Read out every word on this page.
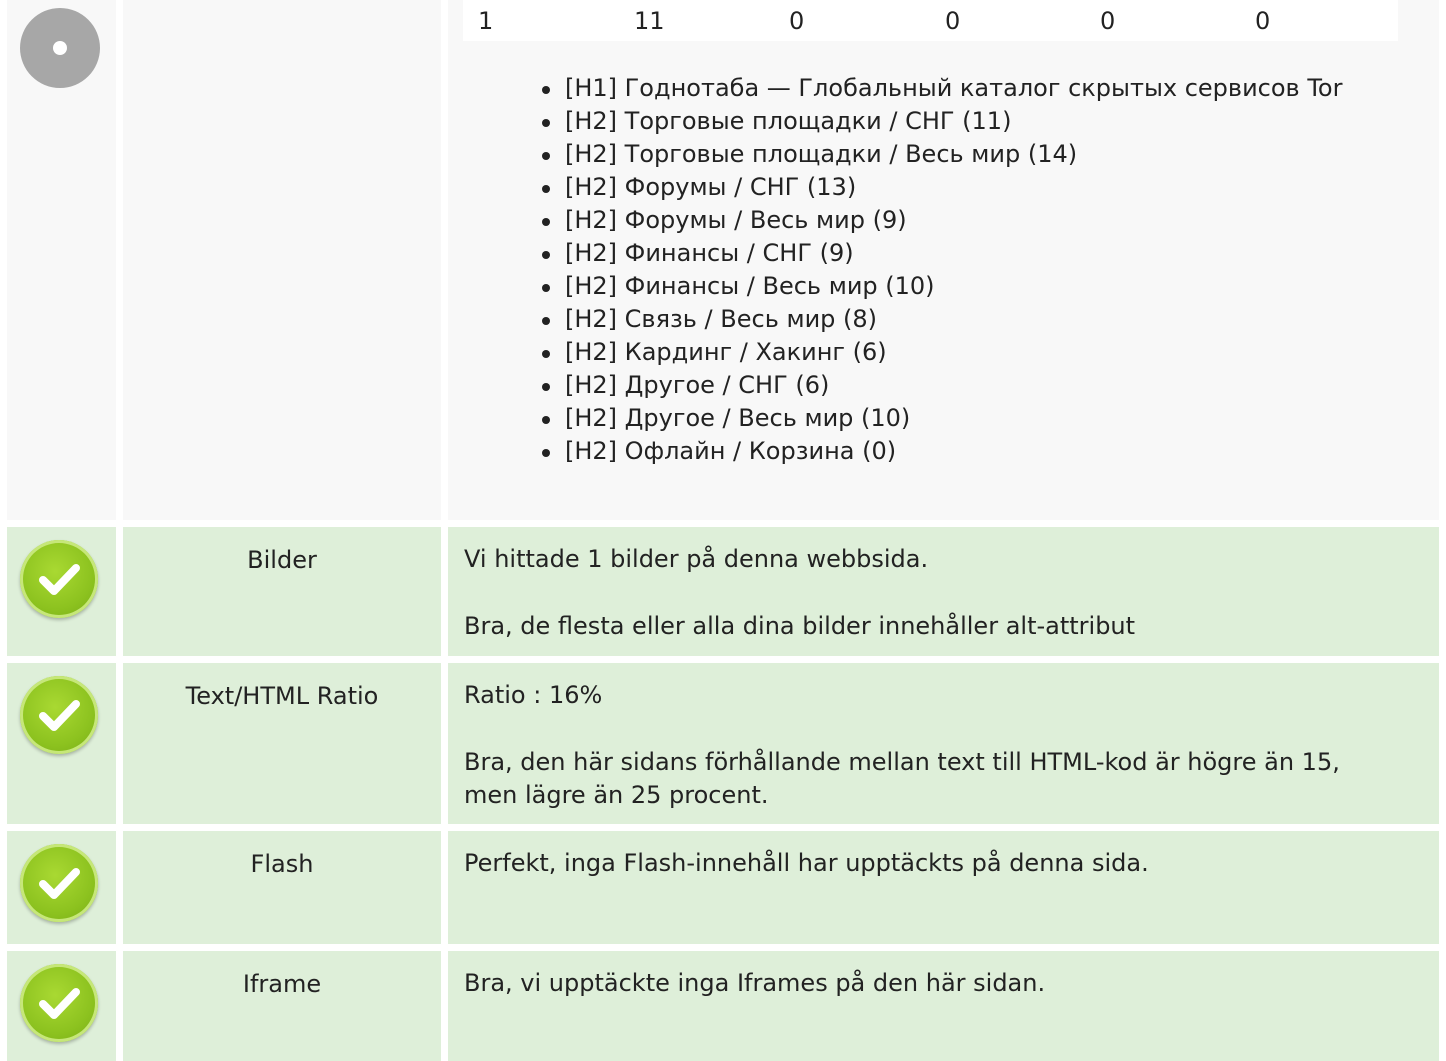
1	11	0	0	0	0
[H1] Годнотаба — Глобальный каталог скрытых сервисов Tor
[H2] Торговые площадки / СНГ (11)
[H2] Торговые площадки / Весь мир (14)
[H2] Форумы / СНГ (13)
[H2] Форумы / Весь мир (9)
[H2] Финансы / СНГ (9)
[H2] Финансы / Весь мир (10)
[H2] Связь / Весь мир (8)
[H2] Кардинг / Хакинг (6)
[H2] Другое / СНГ (6)
[H2] Другое / Весь мир (10)
[H2] Офлайн / Корзина (0)
Bilder	Vi hittade 1 bilder på denna webbsida.
Bra, de flesta eller alla dina bilder innehåller alt-attribut
Text/HTML Ratio	Ratio : 16%
Bra, den här sidans förhållande mellan text till HTML-kod är högre än 15, men lägre än 25 procent.
Flash	Perfekt, inga Flash-innehåll har upptäckts på denna sida.
Iframe	Bra, vi upptäckte inga Iframes på den här sidan.
